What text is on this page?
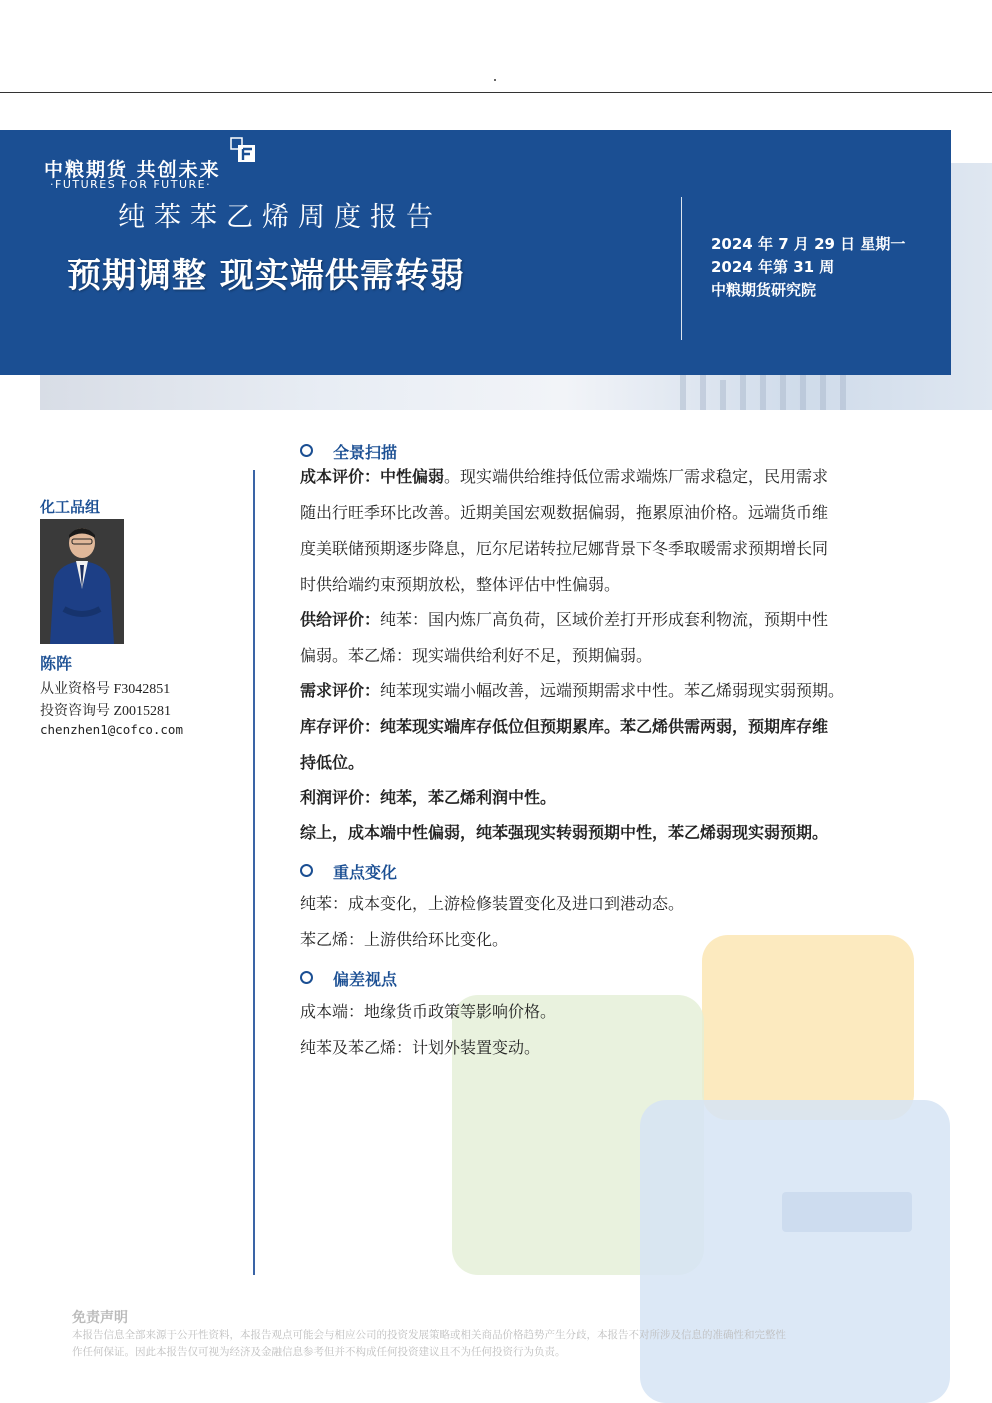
中粮期货 共创未来
·FUTURES FOR FUTURE·
纯苯苯乙烯周度报告
预期调整 现实端供需转弱
2024 年 7 月 29 日 星期一
2024 年第 31 周
中粮期货研究院
化工品组
陈阵
从业资格号 F3042851
投资咨询号 Z0015281
chenzhen1@cofco.com
全景扫描
成本评价：中性偏弱。现实端供给维持低位需求端炼厂需求稳定，民用需求
随出行旺季环比改善。近期美国宏观数据偏弱，拖累原油价格。远端货币维
度美联储预期逐步降息，厄尔尼诺转拉尼娜背景下冬季取暖需求预期增长同
时供给端约束预期放松，整体评估中性偏弱。
供给评价：纯苯：国内炼厂高负荷，区域价差打开形成套利物流，预期中性
偏弱。苯乙烯：现实端供给利好不足，预期偏弱。
需求评价：纯苯现实端小幅改善，远端预期需求中性。苯乙烯弱现实弱预期。
库存评价：纯苯现实端库存低位但预期累库。苯乙烯供需两弱，预期库存维
持低位。
利润评价：纯苯，苯乙烯利润中性。
综上，成本端中性偏弱，纯苯强现实转弱预期中性，苯乙烯弱现实弱预期。
重点变化
纯苯：成本变化，上游检修装置变化及进口到港动态。
苯乙烯：上游供给环比变化。
偏差视点
成本端：地缘货币政策等影响价格。
纯苯及苯乙烯：计划外装置变动。
免责声明
本报告信息全部来源于公开性资料，本报告观点可能会与相应公司的投资发展策略或相关商品价格趋势产生分歧，本报告不对所涉及信息的准确性和完整性
作任何保证。因此本报告仅可视为经济及金融信息参考但并不构成任何投资建议且不为任何投资行为负责。
